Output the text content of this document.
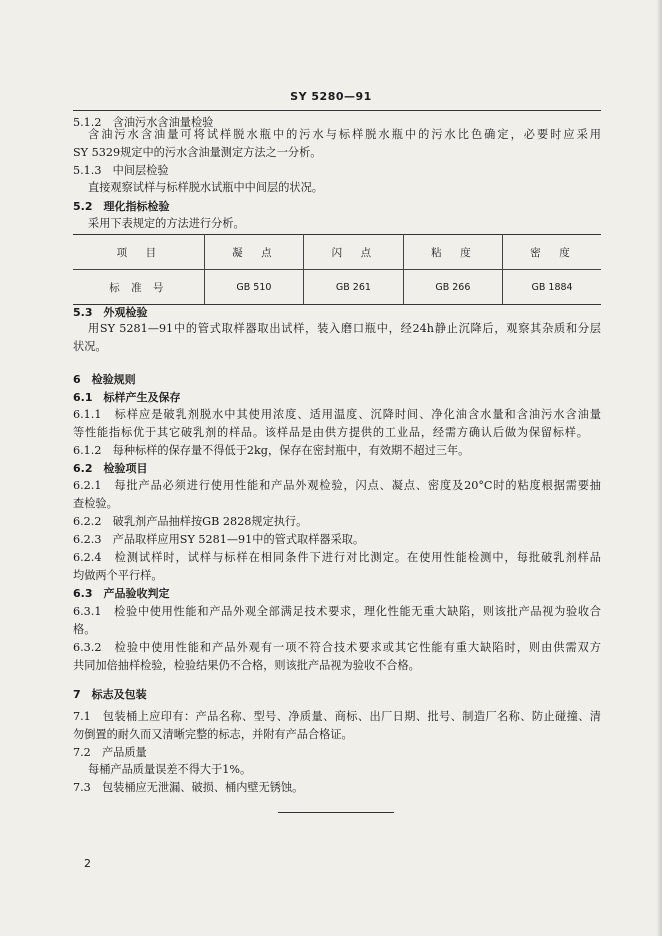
SY 5280—91
5.1.2　含油污水含油量检验
含油污水含油量可将试样脱水瓶中的污水与标样脱水瓶中的污水比色确定，必要时应采用
SY 5329规定中的污水含油量测定方法之一分析。
5.1.3　中间层检验
直接观察试样与标样脱水试瓶中中间层的状况。
5.2　理化指标检验
采用下表规定的方法进行分析。
项　目	凝　点	闪　点	粘　度	密　度
标 准 号	GB 510	GB 261	GB 266	GB 1884
5.3　外观检验
用SY 5281—91中的管式取样器取出试样，装入磨口瓶中，经24h静止沉降后，观察其杂质和分层
状况。
6　检验规则
6.1　标样产生及保存
6.1.1　标样应是破乳剂脱水中其使用浓度、适用温度、沉降时间、净化油含水量和含油污水含油量
等性能指标优于其它破乳剂的样品。该样品是由供方提供的工业品，经需方确认后做为保留标样。
6.1.2　每种标样的保存量不得低于2kg，保存在密封瓶中，有效期不超过三年。
6.2　检验项目
6.2.1　每批产品必须进行使用性能和产品外观检验，闪点、凝点、密度及20°C时的粘度根据需要抽
查检验。
6.2.2　破乳剂产品抽样按GB 2828规定执行。
6.2.3　产品取样应用SY 5281—91中的管式取样器采取。
6.2.4　检测试样时，试样与标样在相同条件下进行对比测定。在使用性能检测中，每批破乳剂样品
均做两个平行样。
6.3　产品验收判定
6.3.1　检验中使用性能和产品外观全部满足技术要求，理化性能无重大缺陷，则该批产品视为验收合
格。
6.3.2　检验中使用性能和产品外观有一项不符合技术要求或其它性能有重大缺陷时，则由供需双方
共同加倍抽样检验，检验结果仍不合格，则该批产品视为验收不合格。
7　标志及包装
7.1　包装桶上应印有：产品名称、型号、净质量、商标、出厂日期、批号、制造厂名称、防止碰撞、清
勿倒置的耐久而又清晰完整的标志，并附有产品合格证。
7.2　产品质量
每桶产品质量误差不得大于1%。
7.3　包装桶应无泄漏、破损、桶内壁无锈蚀。
2
